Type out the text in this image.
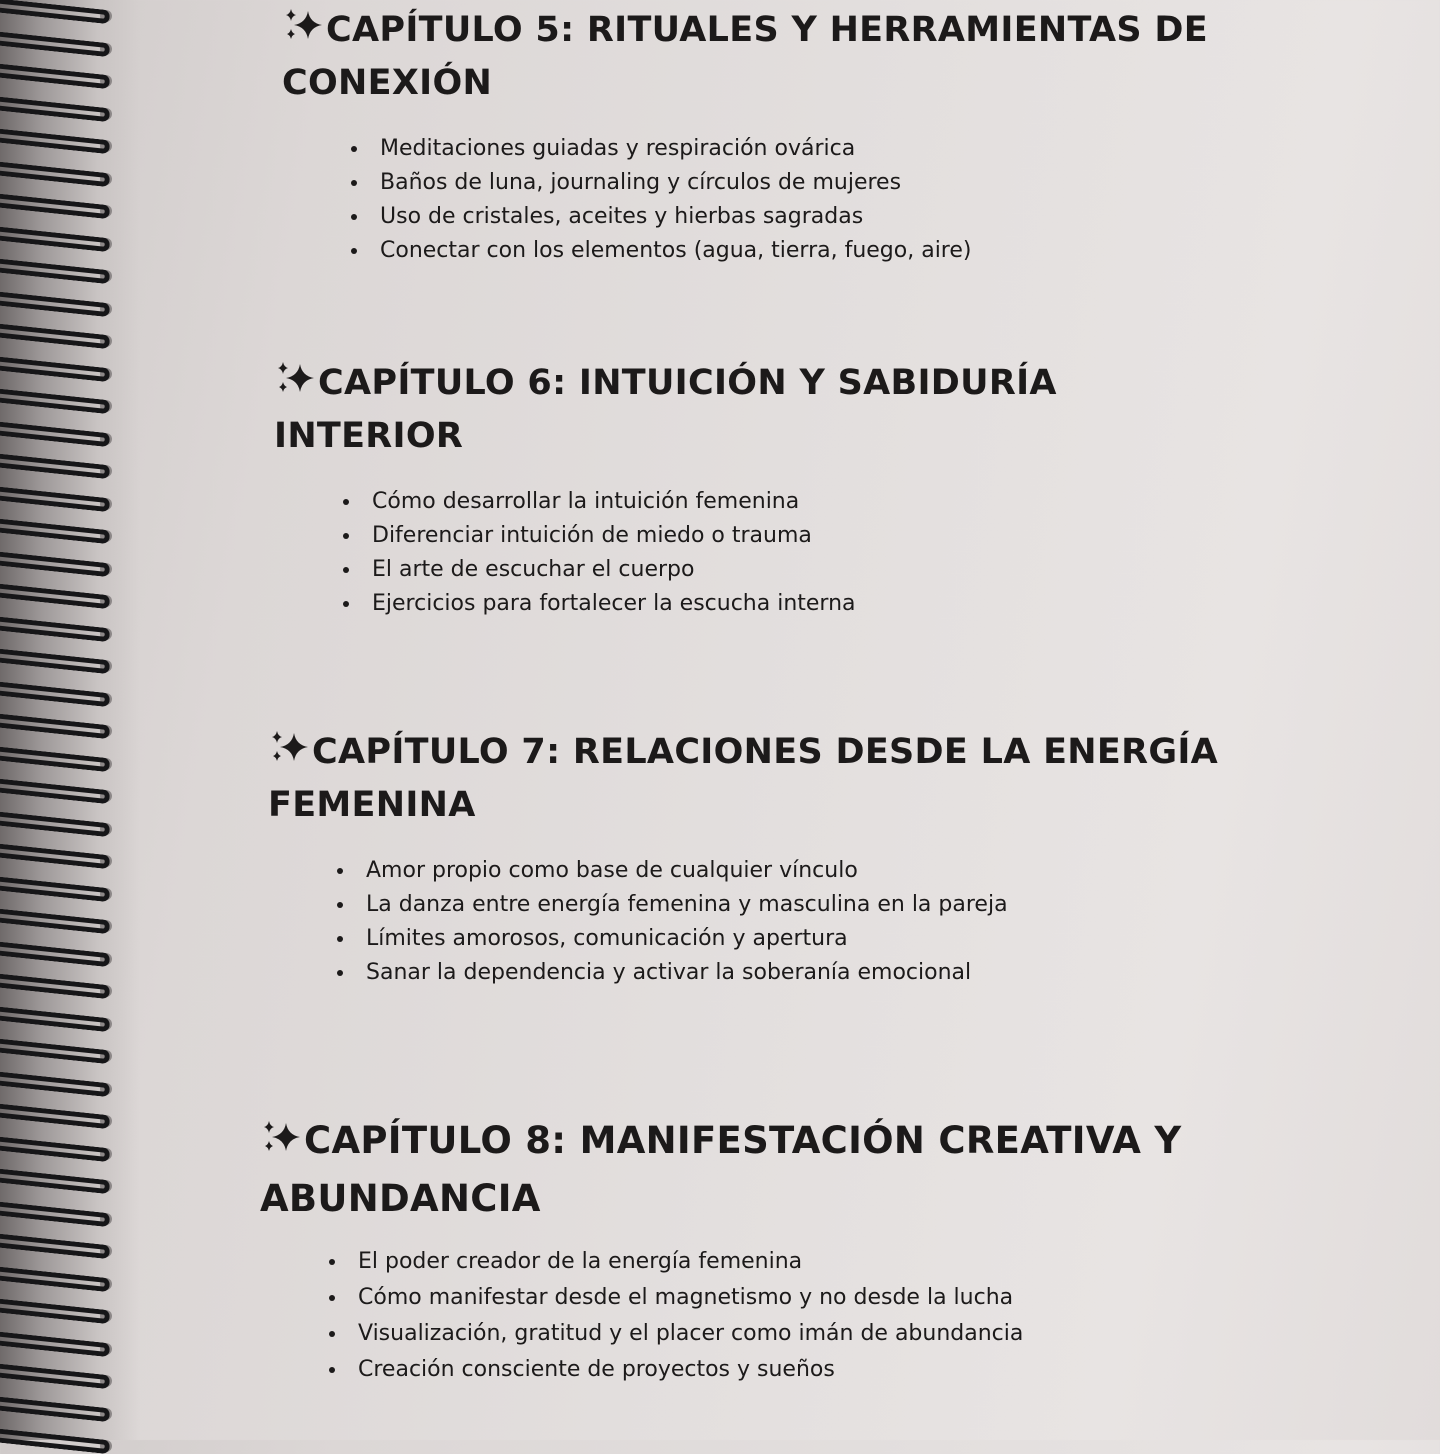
CAPÍTULO 5: RITUALES Y HERRAMIENTAS DE CONEXIÓN
• Meditaciones guiadas y respiración ovárica
• Baños de luna, journaling y círculos de mujeres
• Uso de cristales, aceites y hierbas sagradas
• Conectar con los elementos (agua, tierra, fuego, aire)
CAPÍTULO 6: INTUICIÓN Y SABIDURÍA INTERIOR
• Cómo desarrollar la intuición femenina
• Diferenciar intuición de miedo o trauma
• El arte de escuchar el cuerpo
• Ejercicios para fortalecer la escucha interna
CAPÍTULO 7: RELACIONES DESDE LA ENERGÍA FEMENINA
• Amor propio como base de cualquier vínculo
• La danza entre energía femenina y masculina en la pareja
• Límites amorosos, comunicación y apertura
• Sanar la dependencia y activar la soberanía emocional
CAPÍTULO 8: MANIFESTACIÓN CREATIVA Y ABUNDANCIA
• El poder creador de la energía femenina
• Cómo manifestar desde el magnetismo y no desde la lucha
• Visualización, gratitud y el placer como imán de abundancia
• Creación consciente de proyectos y sueños
